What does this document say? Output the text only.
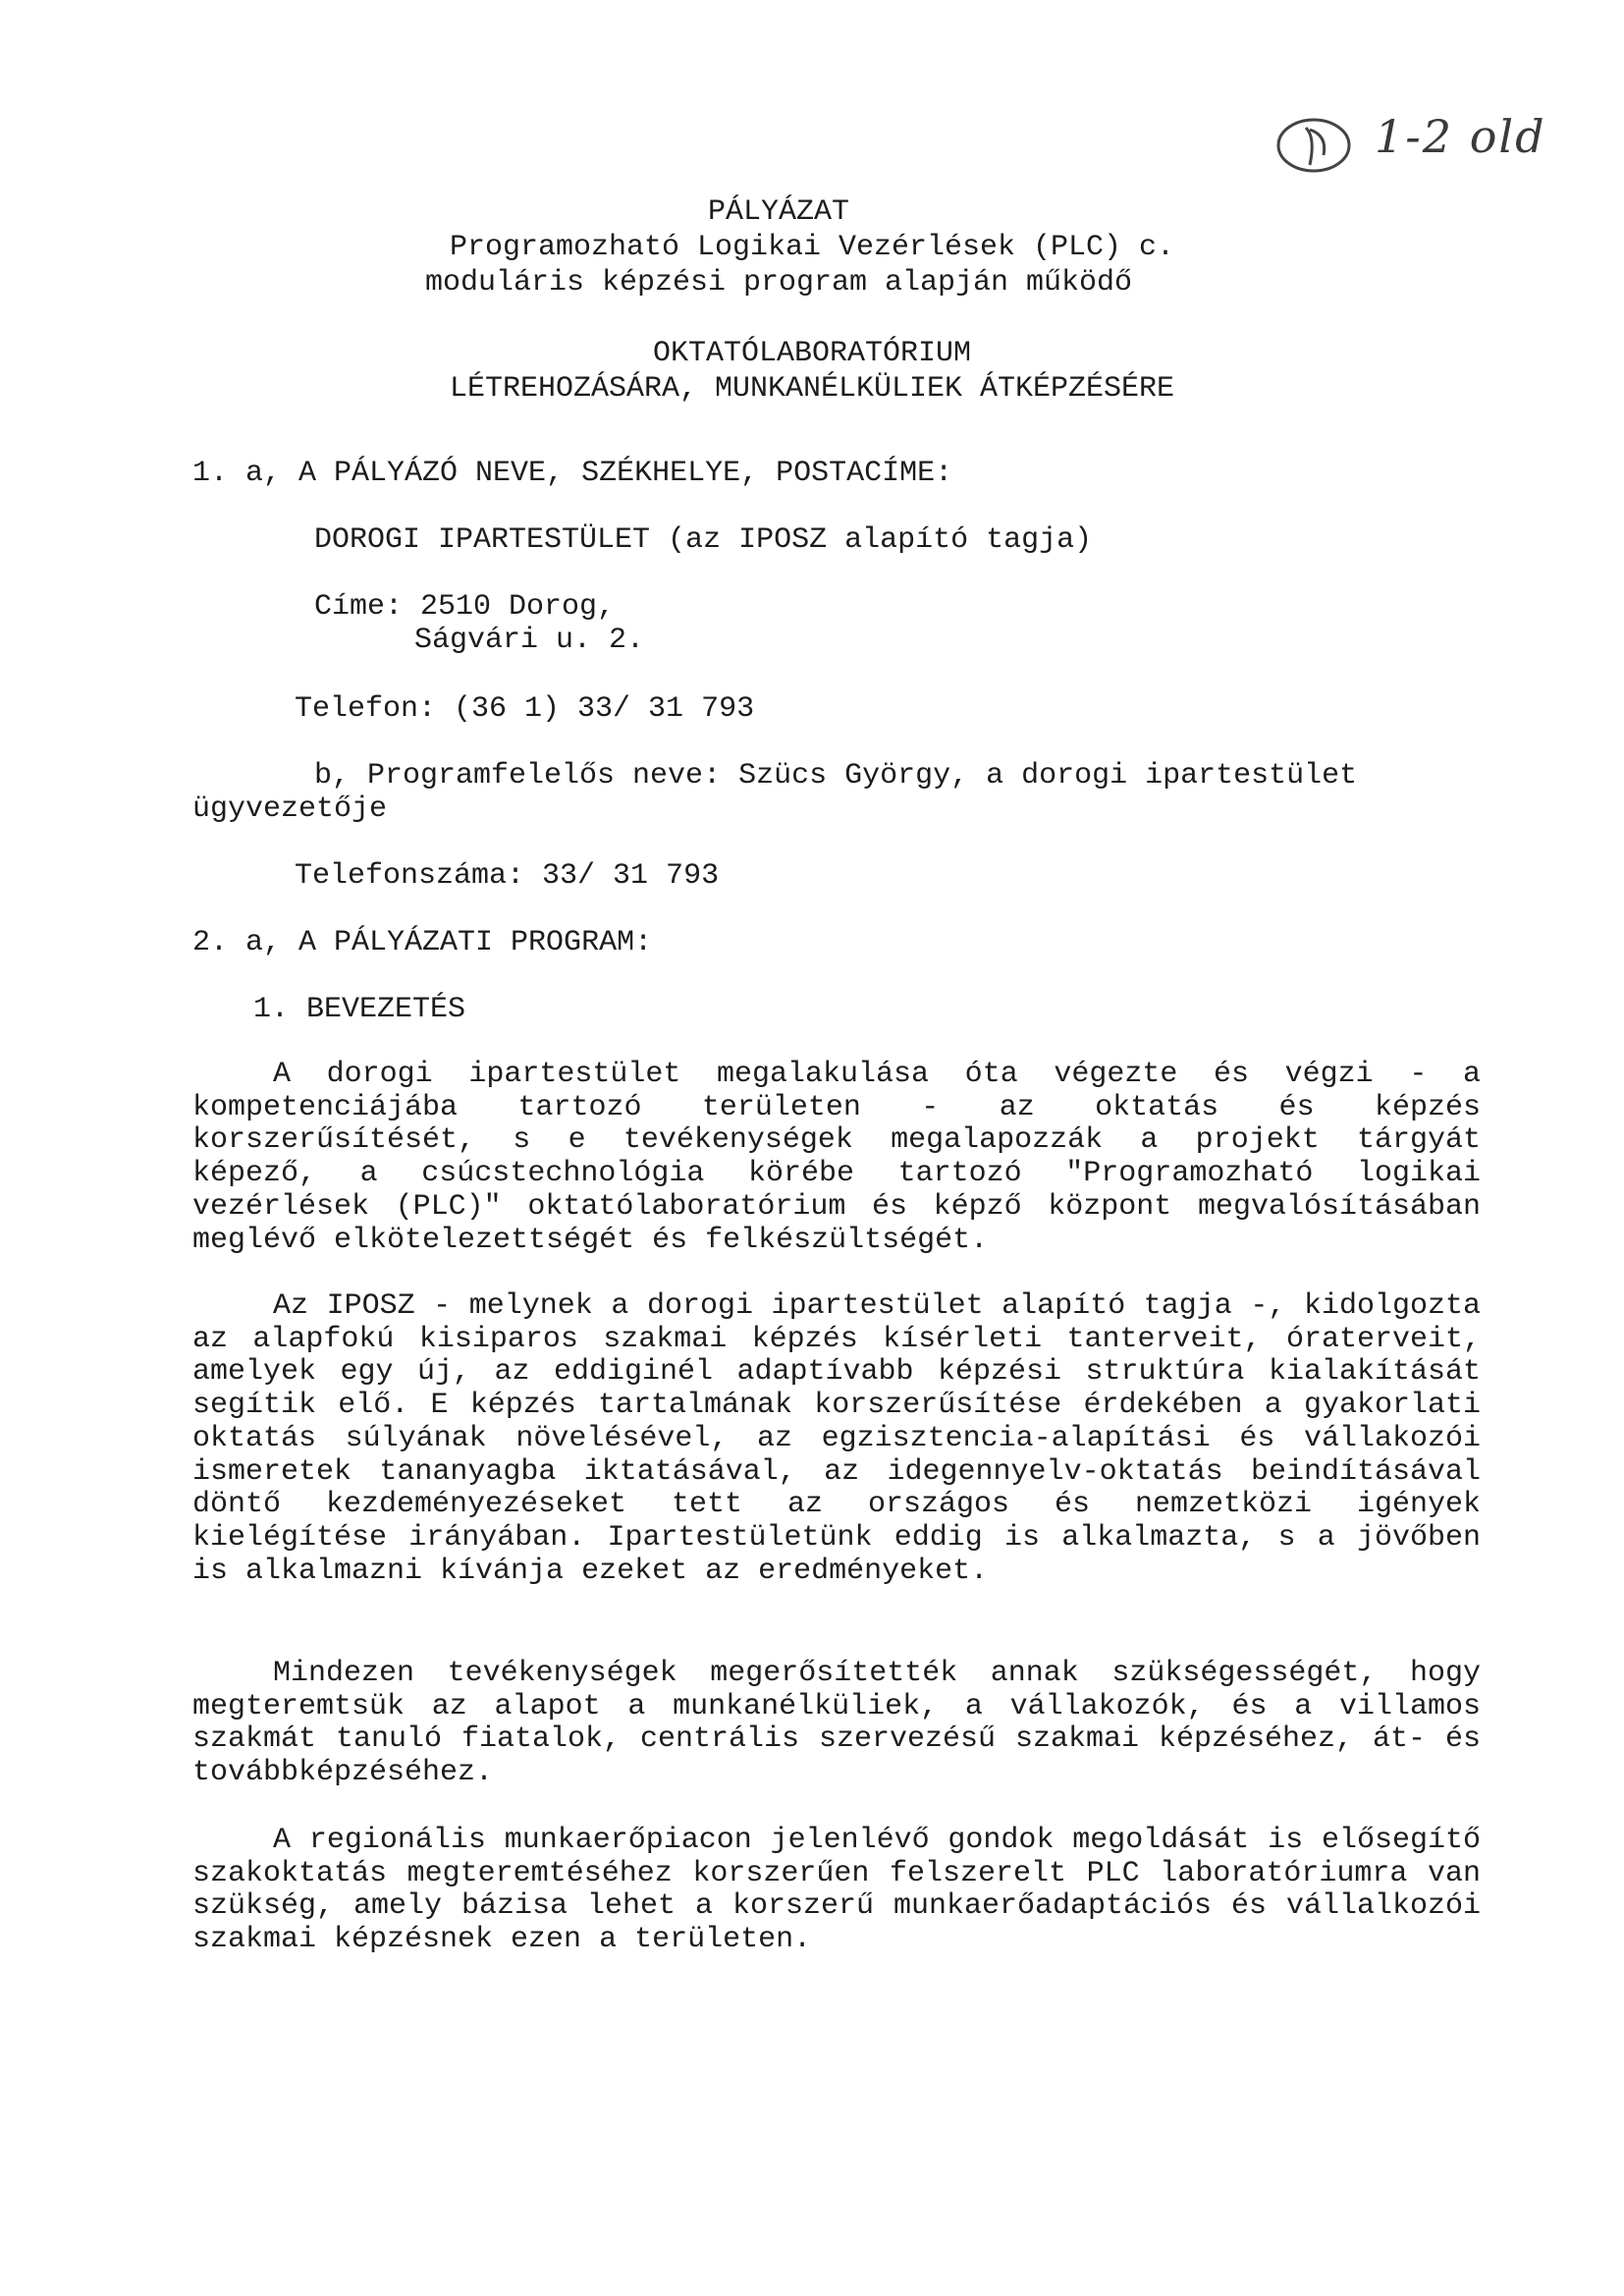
1-2 old
PÁLYÁZAT
Programozható Logikai Vezérlések (PLC) c.
moduláris képzési program alapján működő
OKTATÓLABORATÓRIUM
LÉTREHOZÁSÁRA, MUNKANÉLKÜLIEK ÁTKÉPZÉSÉRE
1. a, A PÁLYÁZÓ NEVE, SZÉKHELYE, POSTACÍME:
DOROGI IPARTESTÜLET (az IPOSZ alapító tagja)
Címe: 2510 Dorog,
Ságvári u. 2.
Telefon: (36 1) 33/ 31 793
b, Programfelelős neve: Szücs György, a dorogi ipartestület
ügyvezetője
Telefonszáma: 33/ 31 793
2. a, A PÁLYÁZATI PROGRAM:
1. BEVEZETÉS
A dorogi ipartestület megalakulása óta végezte és végzi - a kompetenciájába tartozó területen - az oktatás és képzés korszerűsítését, s e tevékenységek megalapozzák a projekt tárgyát képező, a csúcstechnológia körébe tartozó "Programozható logikai vezérlések (PLC)" oktatólaboratórium és képző központ megvalósításában meglévő elkötelezettségét és felkészültségét.
Az IPOSZ - melynek a dorogi ipartestület alapító tagja -, kidolgozta az alapfokú kisiparos szakmai képzés kísérleti tanterveit, óraterveit, amelyek egy új, az eddiginél adaptívabb képzési struktúra kialakítását segítik elő. E képzés tartalmának korszerűsítése érdekében a gyakorlati oktatás súlyának növelésével, az egzisztencia-alapítási és vállakozói ismeretek tananyagba iktatásával, az idegennyelv-oktatás beindításával döntő kezdeményezéseket tett az országos és nemzetközi igények kielégítése irányában. Ipartestületünk eddig is alkalmazta, s a jövőben is alkalmazni kívánja ezeket az eredményeket.
Mindezen tevékenységek megerősítették annak szükségességét, hogy megteremtsük az alapot a munkanélküliek, a vállakozók, és a villamos szakmát tanuló fiatalok, centrális szervezésű szakmai képzéséhez, át- és továbbképzéséhez.
A regionális munkaerőpiacon jelenlévő gondok megoldását is elősegítő szakoktatás megteremtéséhez korszerűen felszerelt PLC laboratóriumra van szükség, amely bázisa lehet a korszerű munkaerőadaptációs és vállalkozói szakmai képzésnek ezen a területen.
